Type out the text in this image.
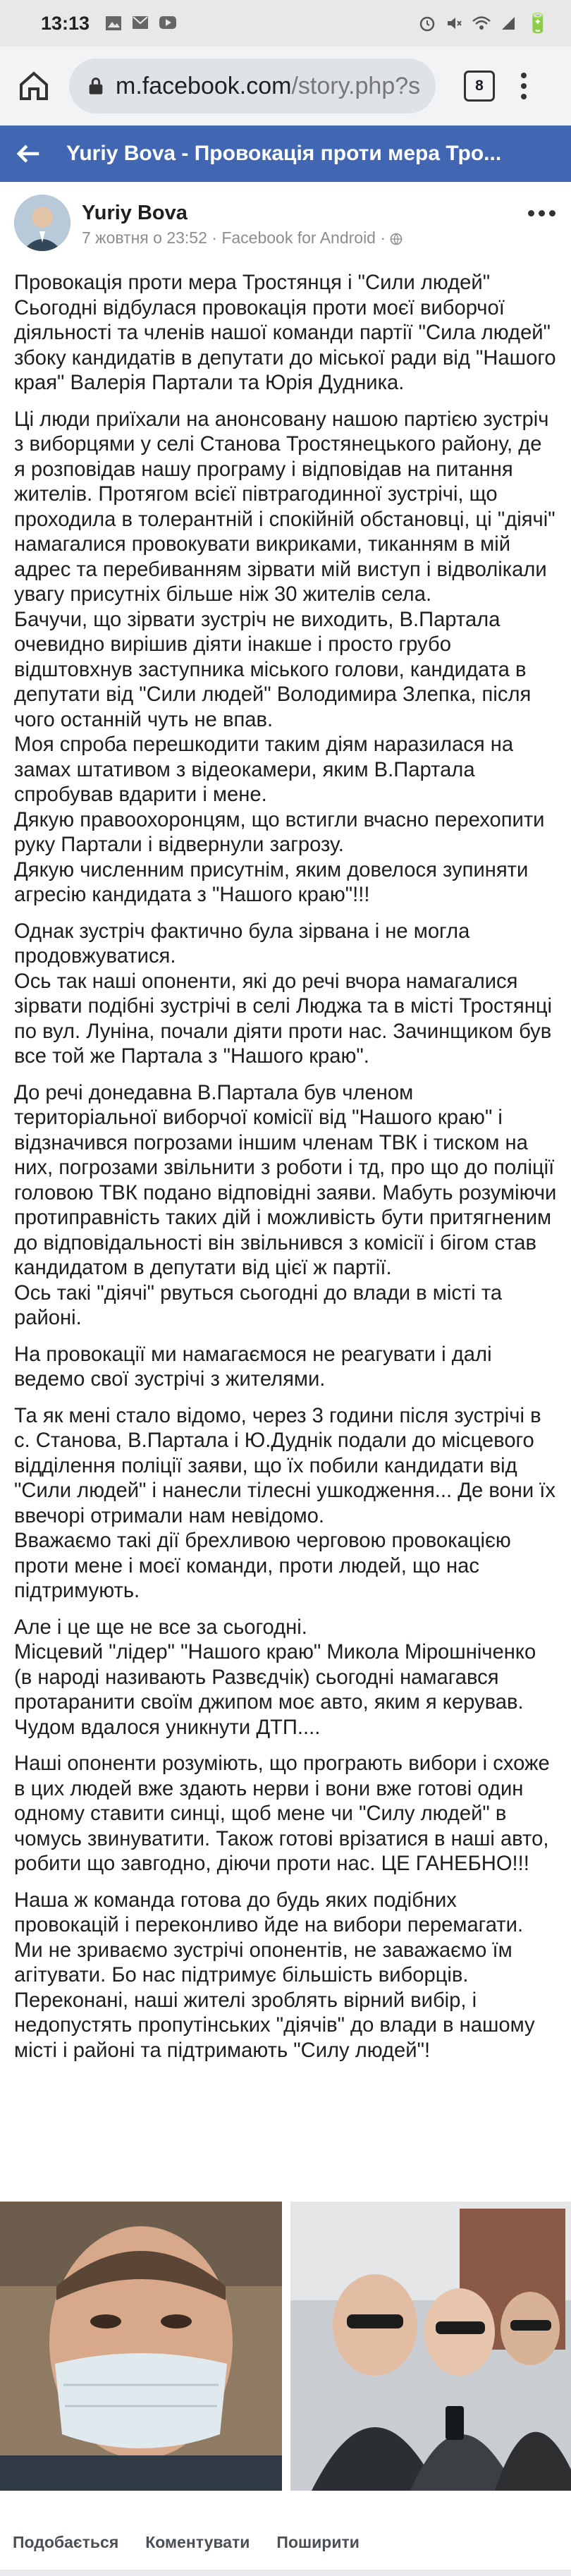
13:13	🔋
m.facebook.com /story.php?s	8
Yuriy Bova - Провокація проти мера Тро...
Yuriy Bova
7 жовтня о 23:52 · Facebook for Android ·

Провокація проти мера Тростянця і "Сили людей"
Сьогодні відбулася провокація проти моєї виборчої діяльності та членів нашої команди партії "Сила людей" збоку кандидатів в депутати до міської ради від "Нашого края" Валерія Партали та Юрія Дудника.

Ці люди приїхали на анонсовану нашою партією зустріч з виборцями у селі Станова Тростянецького району, де я розповідав нашу програму і відповідав на питання жителів. Протягом всієї півтрагодинної зустрічі, що проходила в толерантній і спокійній обстановці, ці "діячі" намагалися провокувати викриками, тиканням в мій адрес та перебиванням зірвати мій виступ і відволікали увагу присутніх більше ніж 30 жителів села.
Бачучи, що зірвати зустріч не виходить, В.Партала очевидно вирішив діяти інакше і просто грубо відштовхнув заступника міського голови, кандидата в депутати від "Сили людей" Володимира Злепка, після чого останній чуть не впав.
Моя спроба перешкодити таким діям наразилася на замах штативом з відеокамери, яким В.Партала спробував вдарити і мене.
Дякую правоохоронцям, що встигли вчасно перехопити руку Партали і відвернули загрозу.
Дякую численним присутнім, яким довелося зупиняти агресію кандидата з "Нашого краю"!!!

Однак зустріч фактично була зірвана і не могла продовжуватися.
Ось так наші опоненти, які до речі вчора намагалися зірвати подібні зустрічі в селі Люджа та в місті Тростянці по вул. Луніна, почали діяти проти нас. Зачинщиком був все той же Партала з "Нашого краю".

До речі донедавна В.Партала був членом територіальної виборчої комісії від "Нашого краю" і відзначився погрозами іншим членам ТВК і тиском на них, погрозами звільнити з роботи і тд, про що до поліції головою ТВК подано відповідні заяви. Мабуть розуміючи протиправність таких дій і можливість бути притягненим до відповідальності він звільнився з комісії і бігом став кандидатом в депутати від цієї ж партії.
Ось такі "діячі" рвуться сьогодні до влади в місті та районі.

На провокації ми намагаємося не реагувати і далі ведемо свої зустрічі з жителями.

Та як мені стало відомо, через 3 години після зустрічі в с. Станова, В.Партала і Ю.Дуднік подали до місцевого відділення поліції заяви, що їх побили кандидати від "Сили людей" і нанесли тілесні ушкодження... Де вони їх ввечорі отримали нам невідомо.
Вважаємо такі дії брехливою черговою провокацією проти мене і моєї команди, проти людей, що нас підтримують.

Але і це ще не все за сьогодні.
Місцевий "лідер" "Нашого краю" Микола Мірошніченко (в народі називають Развєдчік) сьогодні намагався протаранити своїм джипом моє авто, яким я керував. Чудом вдалося уникнути ДТП....

Наші опоненти розуміють, що програють вибори і схоже в цих людей вже здають нерви і вони вже готові один одному ставити синці, щоб мене чи "Силу людей" в чомусь звинуватити. Також готові врізатися в наші авто, робити що завгодно, діючи проти нас. ЦЕ ГАНЕБНО!!!

Наша ж команда готова до будь яких подібних провокацій і переконливо йде на вибори перемагати. Ми не зриваємо зустрічі опонентів, не заважаємо їм агітувати. Бо нас підтримує більшість виборців. Переконані, наші жителі зроблять вірний вибір, і недопустять пропутінських "діячів" до влади в нашому місті і районі та підтримають "Силу людей"!

Подобається Коментувати Поширити
